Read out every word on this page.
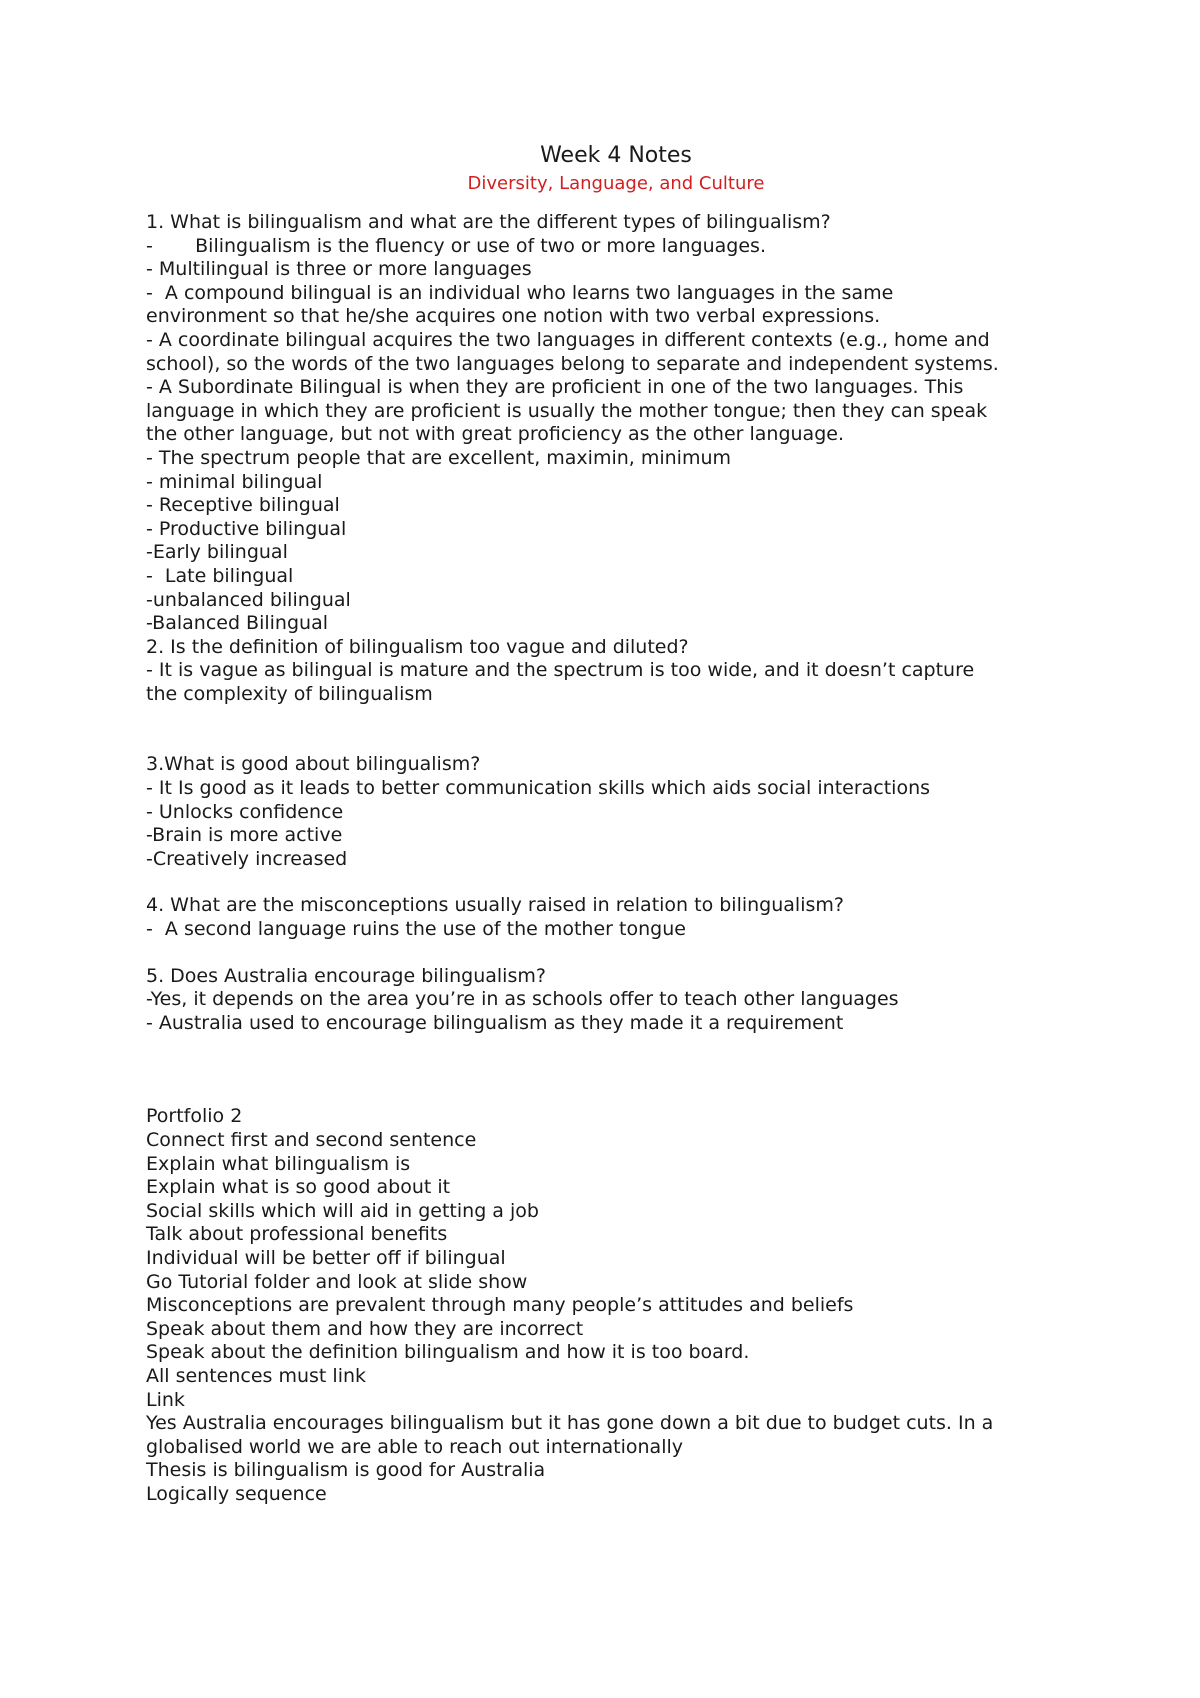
Week 4 Notes
Diversity, Language, and Culture

1. What is bilingualism and what are the different types of bilingualism?

-       Bilingualism is the fluency or use of two or more languages.

- Multilingual is three or more languages

-  A compound bilingual is an individual who learns two languages in the same

environment so that he/she acquires one notion with two verbal expressions.

- A coordinate bilingual acquires the two languages in different contexts (e.g., home and

school), so the words of the two languages belong to separate and independent systems.

- A Subordinate Bilingual is when they are proficient in one of the two languages. This

language in which they are proficient is usually the mother tongue; then they can speak

the other language, but not with great proficiency as the other language.

- The spectrum people that are excellent, maximin, minimum

- minimal bilingual

- Receptive bilingual

- Productive bilingual

-Early bilingual

-  Late bilingual

-unbalanced bilingual

-Balanced Bilingual

2. Is the definition of bilingualism too vague and diluted?

- It is vague as bilingual is mature and the spectrum is too wide, and it doesn’t capture

the complexity of bilingualism

3.What is good about bilingualism?

- It Is good as it leads to better communication skills which aids social interactions

- Unlocks confidence

-Brain is more active

-Creatively increased

4. What are the misconceptions usually raised in relation to bilingualism?

-  A second language ruins the use of the mother tongue

5. Does Australia encourage bilingualism?

-Yes, it depends on the area you’re in as schools offer to teach other languages

- Australia used to encourage bilingualism as they made it a requirement

Portfolio 2

Connect first and second sentence

Explain what bilingualism is

Explain what is so good about it

Social skills which will aid in getting a job

Talk about professional benefits

Individual will be better off if bilingual

Go Tutorial folder and look at slide show

Misconceptions are prevalent through many people’s attitudes and beliefs

Speak about them and how they are incorrect

Speak about the definition bilingualism and how it is too board.

All sentences must link

Link

Yes Australia encourages bilingualism but it has gone down a bit due to budget cuts. In a

globalised world we are able to reach out internationally

Thesis is bilingualism is good for Australia

Logically sequence
